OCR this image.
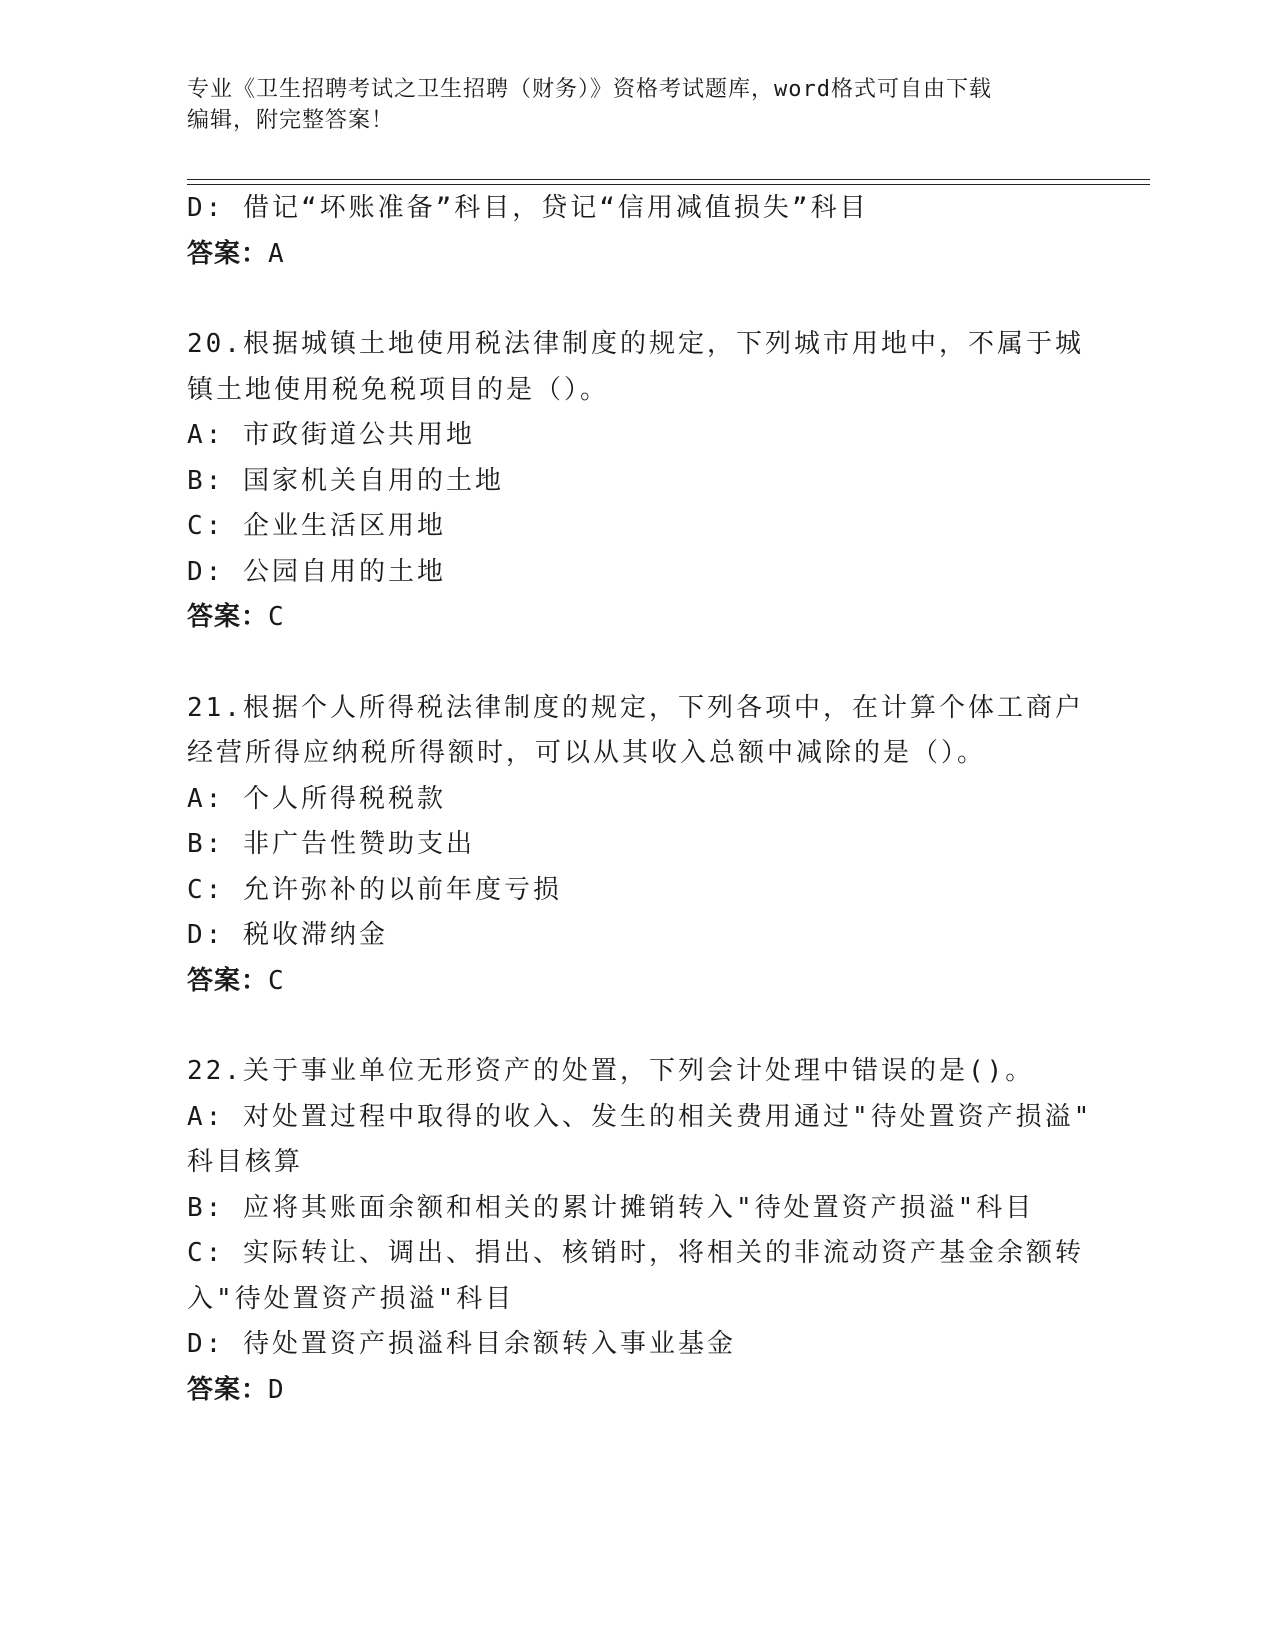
专业《卫生招聘考试之卫生招聘（财务）》资格考试题库，word格式可自由下载
编辑，附完整答案！
D: 借记“坏账准备”科目，贷记“信用减值损失”科目
答案：A
20.根据城镇土地使用税法律制度的规定，下列城市用地中，不属于城
镇土地使用税免税项目的是（）。
A: 市政街道公共用地
B: 国家机关自用的土地
C: 企业生活区用地
D: 公园自用的土地
答案：C
21.根据个人所得税法律制度的规定，下列各项中，在计算个体工商户
经营所得应纳税所得额时，可以从其收入总额中减除的是（）。
A: 个人所得税税款
B: 非广告性赞助支出
C: 允许弥补的以前年度亏损
D: 税收滞纳金
答案：C
22.关于事业单位无形资产的处置，下列会计处理中错误的是()。
A: 对处置过程中取得的收入、发生的相关费用通过"待处置资产损溢"
科目核算
B: 应将其账面余额和相关的累计摊销转入"待处置资产损溢"科目
C: 实际转让、调出、捐出、核销时，将相关的非流动资产基金余额转
入"待处置资产损溢"科目
D: 待处置资产损溢科目余额转入事业基金
答案：D
